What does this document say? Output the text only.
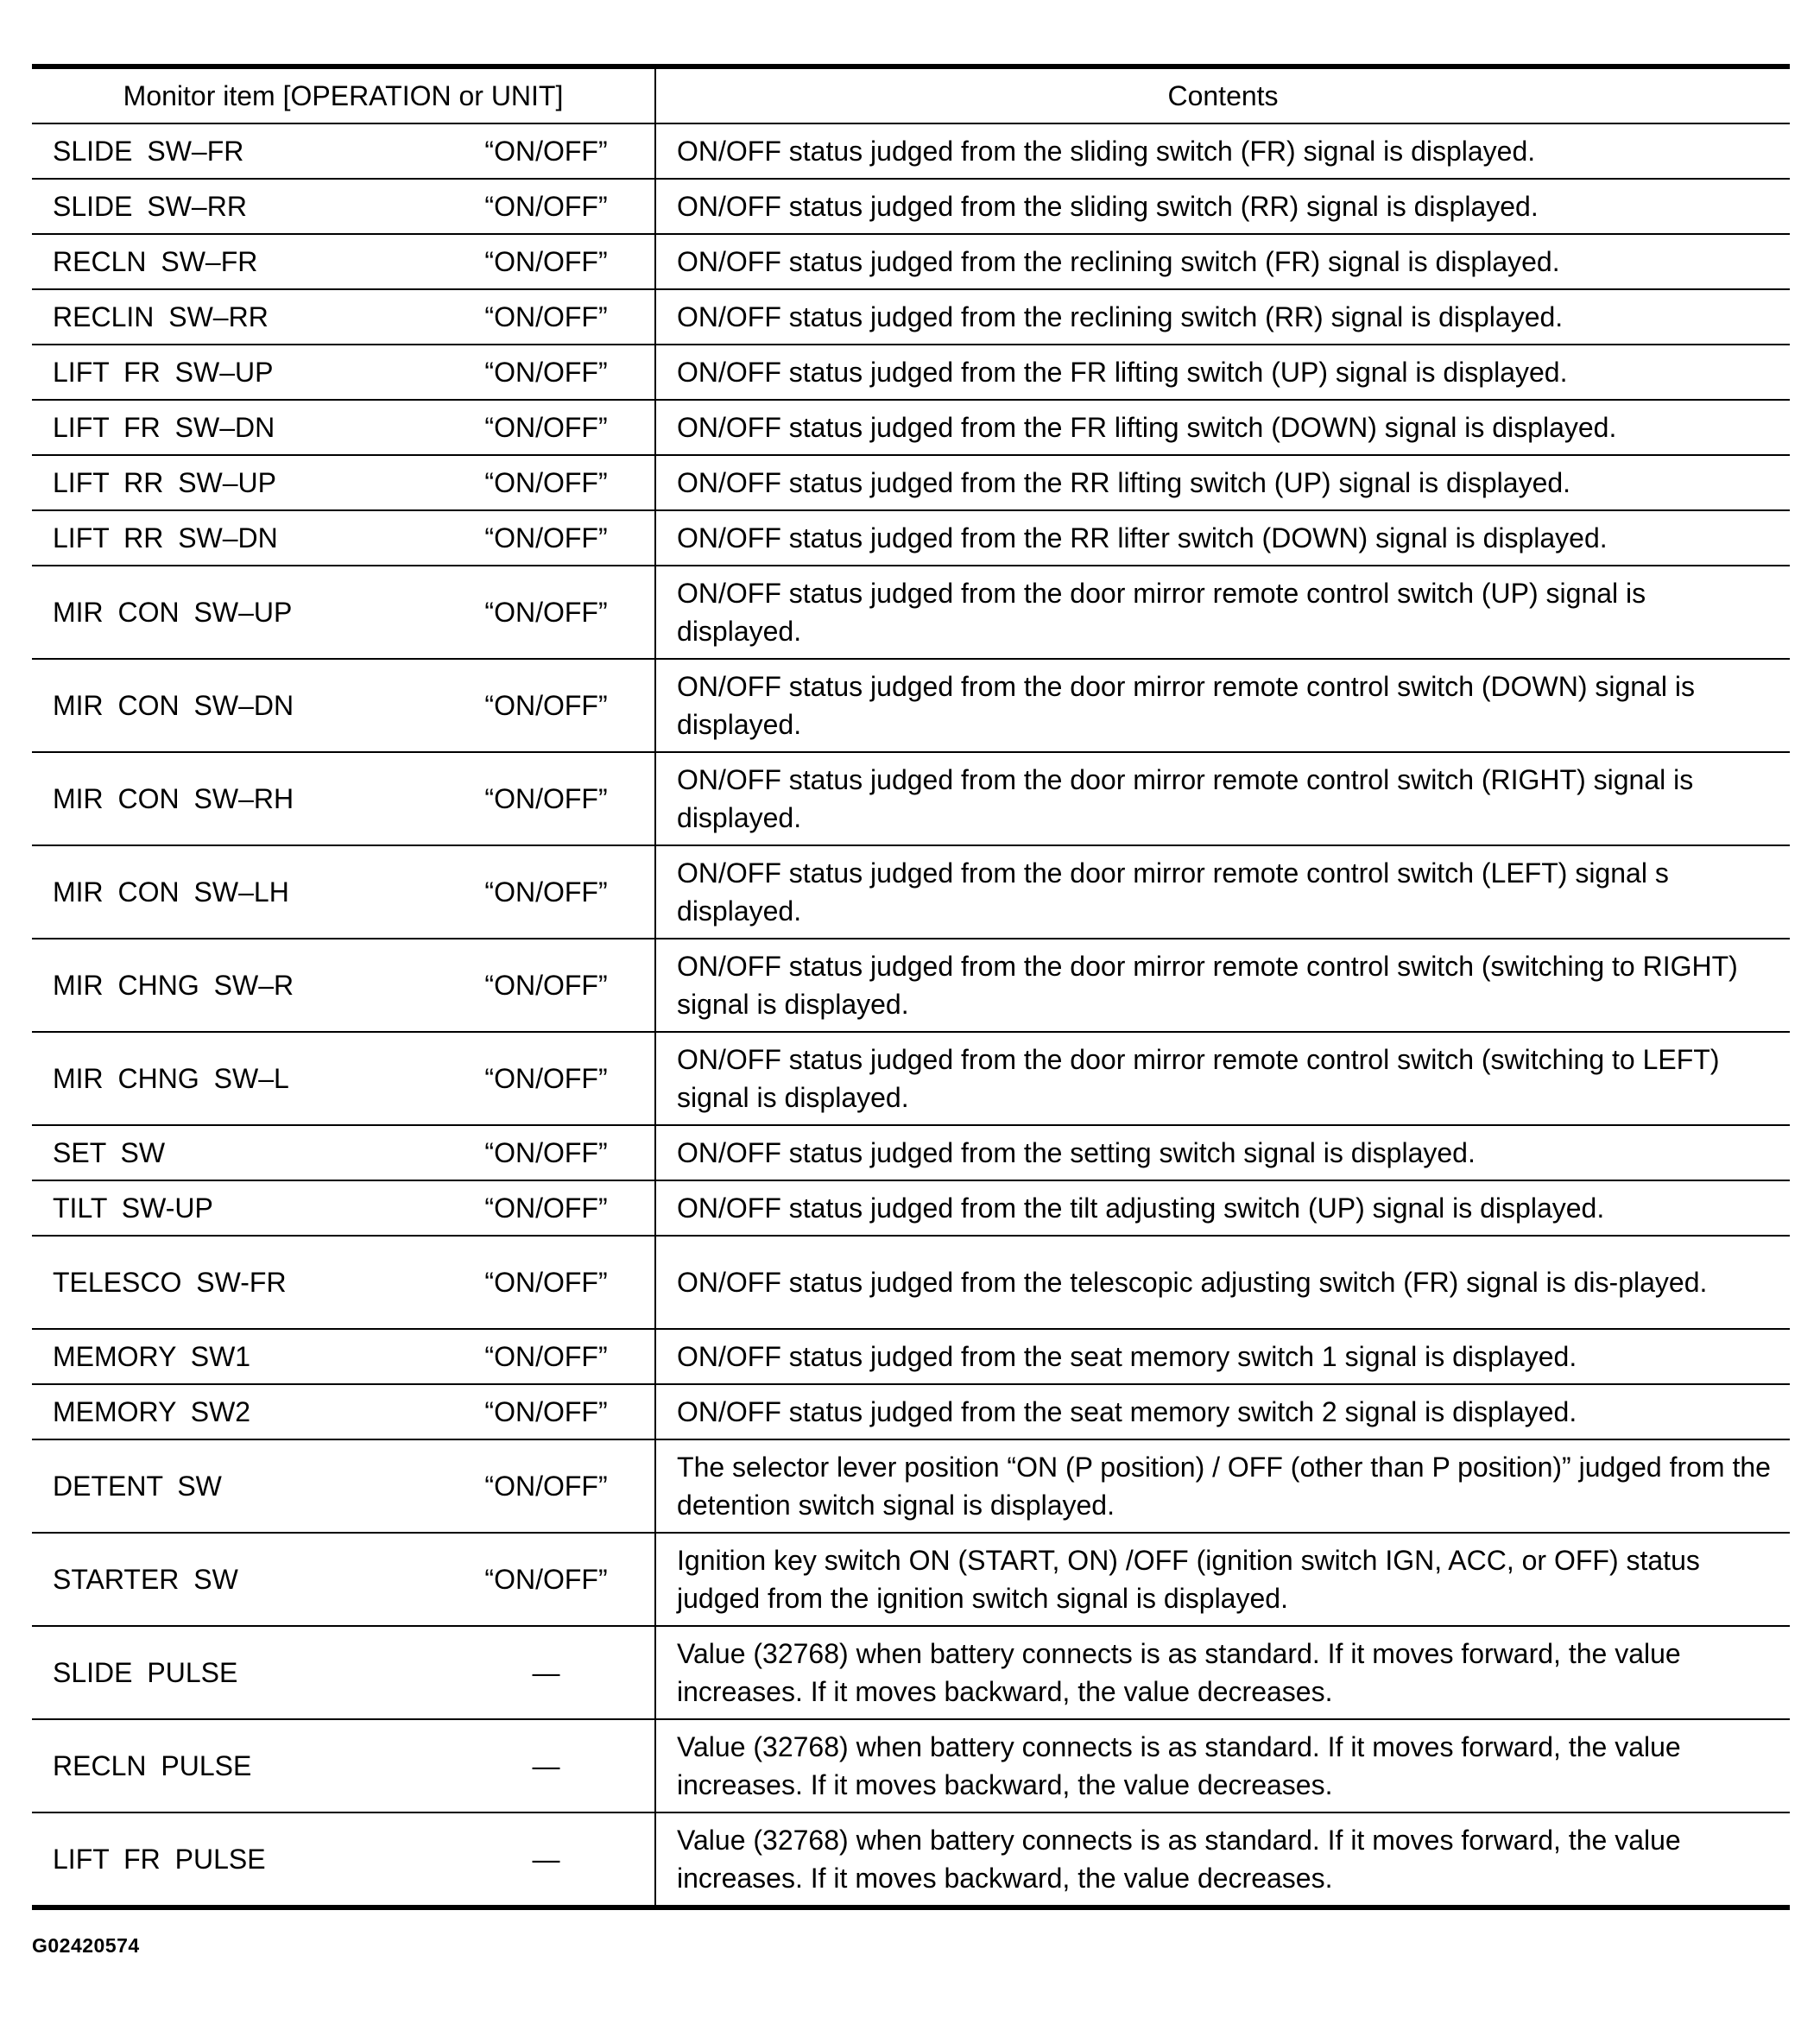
Monitor item [OPERATION or UNIT]		Contents
SLIDE SW–FR	“ON/OFF”	ON/OFF status judged from the sliding switch (FR) signal is displayed.
SLIDE SW–RR	“ON/OFF”	ON/OFF status judged from the sliding switch (RR) signal is displayed.
RECLN SW–FR	“ON/OFF”	ON/OFF status judged from the reclining switch (FR) signal is displayed.
RECLIN SW–RR	“ON/OFF”	ON/OFF status judged from the reclining switch (RR) signal is displayed.
LIFT FR SW–UP	“ON/OFF”	ON/OFF status judged from the FR lifting switch (UP) signal is displayed.
LIFT FR SW–DN	“ON/OFF”	ON/OFF status judged from the FR lifting switch (DOWN) signal is displayed.
LIFT RR SW–UP	“ON/OFF”	ON/OFF status judged from the RR lifting switch (UP) signal is displayed.
LIFT RR SW–DN	“ON/OFF”	ON/OFF status judged from the RR lifter switch (DOWN) signal is displayed.
MIR CON SW–UP	“ON/OFF”	ON/OFF status judged from the door mirror remote control switch (UP) signal is displayed.
MIR CON SW–DN	“ON/OFF”	ON/OFF status judged from the door mirror remote control switch (DOWN) signal is displayed.
MIR CON SW–RH	“ON/OFF”	ON/OFF status judged from the door mirror remote control switch (RIGHT) signal is displayed.
MIR CON SW–LH	“ON/OFF”	ON/OFF status judged from the door mirror remote control switch (LEFT) signal s displayed.
MIR CHNG SW–R	“ON/OFF”	ON/OFF status judged from the door mirror remote control switch (switching to RIGHT) signal is displayed.
MIR CHNG SW–L	“ON/OFF”	ON/OFF status judged from the door mirror remote control switch (switching to LEFT) signal is displayed.
SET SW	“ON/OFF”	ON/OFF status judged from the setting switch signal is displayed.
TILT SW-UP	“ON/OFF”	ON/OFF status judged from the tilt adjusting switch (UP) signal is displayed.
TELESCO SW-FR	“ON/OFF”	ON/OFF status judged from the telescopic adjusting switch (FR) signal is dis-played.
MEMORY SW1	“ON/OFF”	ON/OFF status judged from the seat memory switch 1 signal is displayed.
MEMORY SW2	“ON/OFF”	ON/OFF status judged from the seat memory switch 2 signal is displayed.
DETENT SW	“ON/OFF”	The selector lever position “ON (P position) / OFF (other than P position)” judged from the detention switch signal is displayed.
STARTER SW	“ON/OFF”	Ignition key switch ON (START, ON) /OFF (ignition switch IGN, ACC, or OFF) status judged from the ignition switch signal is displayed.
SLIDE PULSE	—	Value (32768) when battery connects is as standard. If it moves forward, the value increases. If it moves backward, the value decreases.
RECLN PULSE	—	Value (32768) when battery connects is as standard. If it moves forward, the value increases. If it moves backward, the value decreases.
LIFT FR PULSE	—	Value (32768) when battery connects is as standard. If it moves forward, the value increases. If it moves backward, the value decreases.
G02420574
